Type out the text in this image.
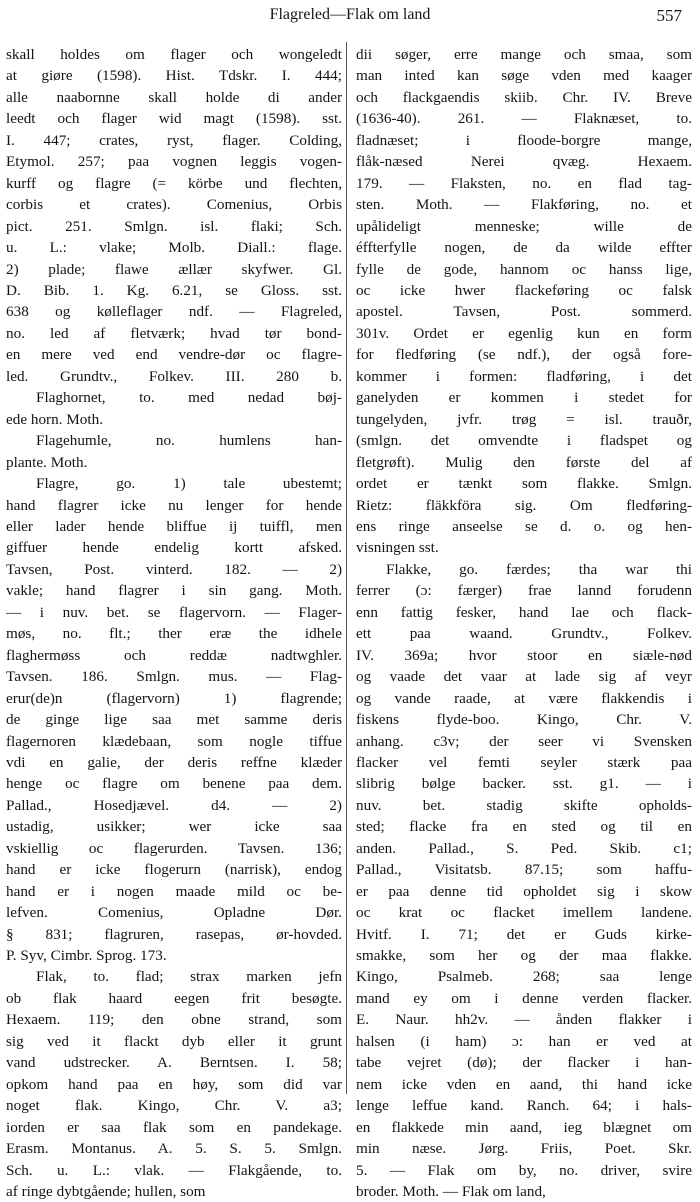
Flagreled—Flak om land	557
skall holdes om flager och wongeledt
at giøre (1598). Hist. Tdskr. I. 444;
alle naabornne skall holde di ander
leedt och flager wid magt (1598). sst.
I. 447; crates, ryst, flager. Colding,
Etymol. 257; paa vognen leggis vogen-
kurff og flagre (= körbe und flechten,
corbis et crates). Comenius, Orbis
pict. 251. Smlgn. isl. flaki; Sch.
u. L.: vlake; Molb. Diall.: flage.
2) plade; flawe ællær skyfwer. Gl.
D. Bib. 1. Kg. 6.21, se Gloss. sst.
638 og kølleflager ndf. — Flagreled,
no. led af fletværk; hvad tør bond-
en mere ved end vendre-dør oc flagre-
led. Grundtv., Folkev. III. 280 b.
Flaghornet, to. med nedad bøj-
ede horn. Moth.
Flagehumle, no. humlens han-
plante. Moth.
Flagre, go. 1) tale ubestemt;
hand flagrer icke nu lenger for hende
eller lader hende bliffue ij tuiffl, men
giffuer hende endelig kortt afsked.
Tavsen, Post. vinterd. 182. — 2)
vakle; hand flagrer i sin gang. Moth.
— i nuv. bet. se flagervorn. — Flager-
møs, no. flt.; ther eræ the idhele
flaghermøss och reddæ nadtwghler.
Tavsen. 186. Smlgn. mus. — Flag-
erur(de)n (flagervorn) 1) flagrende;
de ginge lige saa met samme deris
flagernoren klædebaan, som nogle tiffue
vdi en galie, der deris reffne klæder
henge oc flagre om benene paa dem.
Pallad., Hosedjævel. d4. — 2)
ustadig, usikker; wer icke saa
vskiellig oc flagerurden. Tavsen. 136;
hand er icke flogerurn (narrisk), endog
hand er i nogen maade mild oc be-
lefven. Comenius, Opladne Dør.
§ 831; flagruren, rasepas, ør-hovded.
P. Syv, Cimbr. Sprog. 173.
Flak, to. flad; strax marken jefn
ob flak haard eegen frit besøgte.
Hexaem. 119; den obne strand, som
sig ved it flackt dyb eller it grunt
vand udstrecker. A. Berntsen. I. 58;
opkom hand paa en høy, som did var
noget flak. Kingo, Chr. V. a3;
iorden er saa flak som en pandekage.
Erasm. Montanus. A. 5. S. 5. Smlgn.
Sch. u. L.: vlak. — Flakgående, to.
af ringe dybtgående; hullen, som
dii søger, erre mange och smaa, som
man inted kan søge vden med kaager
och flackgaendis skiib. Chr. IV. Breve
(1636-40). 261. — Flaknæset, to.
fladnæset; i floode-borgre mange,
flåk-næsed Nerei qvæg. Hexaem.
179. — Flaksten, no. en flad tag-
sten. Moth. — Flakføring, no. et
upålideligt menneske; wille de
éffterfylle nogen, de da wilde effter
fylle de gode, hannom oc hanss lige,
oc icke hwer flackeføring oc falsk
apostel. Tavsen, Post. sommerd.
301v. Ordet er egenlig kun en form
for fledføring (se ndf.), der også fore-
kommer i formen: fladføring, i det
ganelyden er kommen i stedet for
tungelyden, jvfr. trøg = isl. trauðr,
(smlgn. det omvendte i fladspet og
fletgrøft). Mulig den første del af
ordet er tænkt som flakke. Smlgn.
Rietz: fläkkföra sig. Om fledføring-
ens ringe anseelse se d. o. og hen-
visningen sst.
Flakke, go. færdes; tha war thi
ferrer (ɔ: færger) frae lannd forudenn
enn fattig fesker, hand lae och flack-
ett paa waand. Grundtv., Folkev.
IV. 369a; hvor stoor en siæle-nød
og vaade det vaar at lade sig af veyr
og vande raade, at være flakkendis i
fiskens flyde-boo. Kingo, Chr. V.
anhang. c3v; der seer vi Svensken
flacker vel femti seyler stærk paa
slibrig bølge backer. sst. g1. — i
nuv. bet. stadig skifte opholds-
sted; flacke fra en sted og til en
anden. Pallad., S. Ped. Skib. c1;
Pallad., Visitatsb. 87.15; som haffu-
er paa denne tid opholdet sig i skow
oc krat oc flacket imellem landene.
Hvitf. I. 71; det er Guds kirke-
smakke, som her og der maa flakke.
Kingo, Psalmeb. 268; saa lenge
mand ey om i denne verden flacker.
E. Naur. hh2v. — ånden flakker i
halsen (i ham) ɔ: han er ved at
tabe vejret (dø); der flacker i han-
nem icke vden en aand, thi hand icke
lenge leffue kand. Ranch. 64; i hals-
en flakkede min aand, ieg blægnet om
min næse. Jørg. Friis, Poet. Skr.
5. — Flak om by, no. driver, svire
broder. Moth. — Flak om land,
